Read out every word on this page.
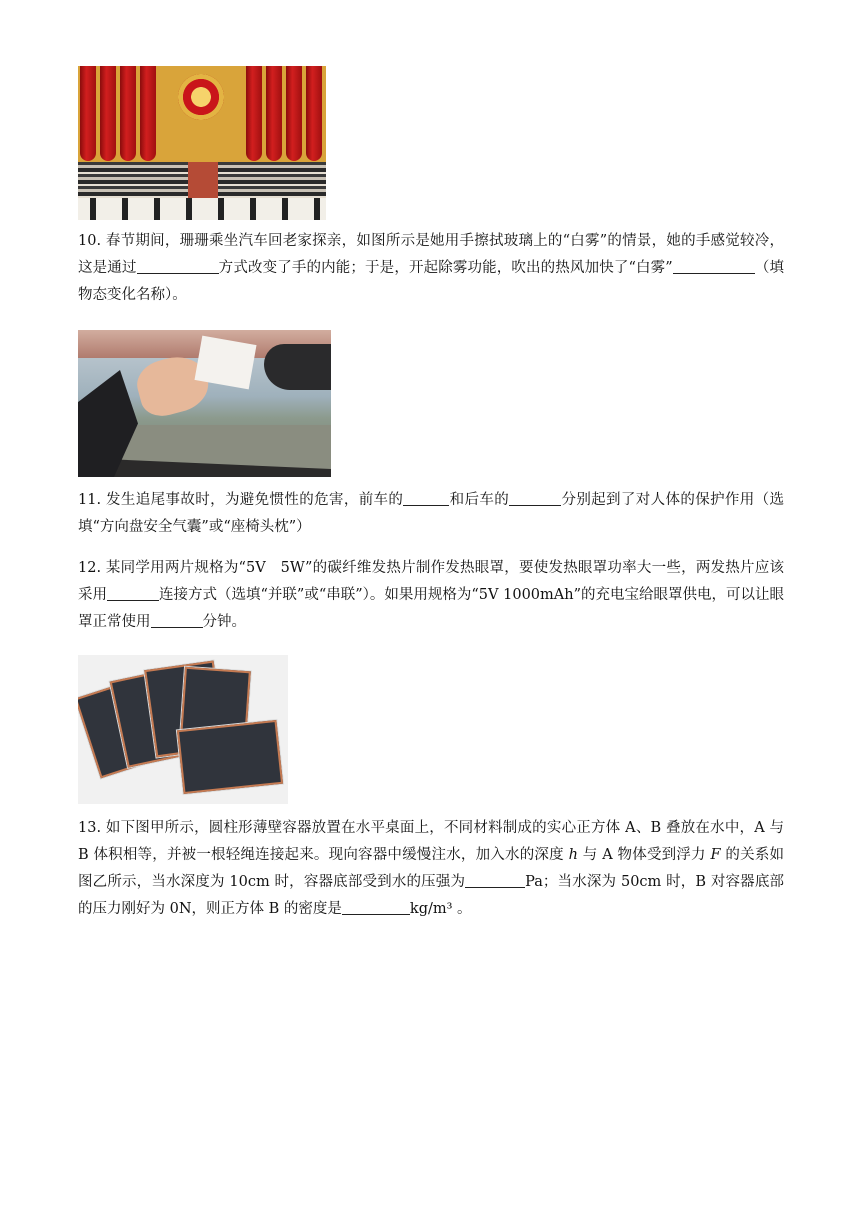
10. 春节期间，珊珊乘坐汽车回老家探亲，如图所示是她用手擦拭玻璃上的“白雾”的情景，她的手感觉较冷，这是通过	方式改变了手的内能；于是，开起除雾功能，吹出的热风加快了“白雾”	（填物态变化名称）。
11. 发生追尾事故时，为避免惯性的危害，前车的	和后车的	分别起到了对人体的保护作用（选填“方向盘安全气囊”或“座椅头枕”）
12. 某同学用两片规格为“5V　5W”的碳纤维发热片制作发热眼罩，要使发热眼罩功率大一些，两发热片应该采用	连接方式（选填“并联”或“串联”）。如果用规格为“5V 1000mAh”的充电宝给眼罩供电，可以让眼罩正常使用	分钟。
13. 如下图甲所示，圆柱形薄壁容器放置在水平桌面上，不同材料制成的实心正方体 A、B 叠放在水中，A 与 B 体积相等，并被一根轻绳连接起来。现向容器中缓慢注水，加入水的深度 h 与 A 物体受到浮力 F 的关系如图乙所示，当水深度为 10cm 时，容器底部受到水的压强为	Pa；当水深为 50cm 时，B 对容器底部的压力刚好为 0N，则正方体 B 的密度是	kg/m³ 。
